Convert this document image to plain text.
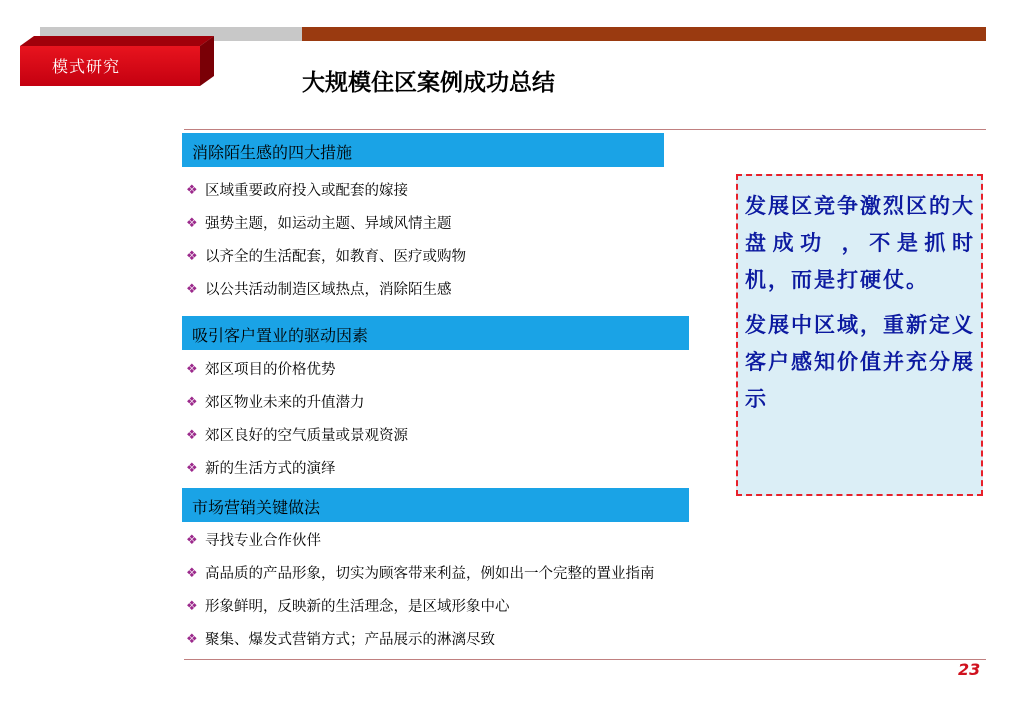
模式研究
大规模住区案例成功总结
消除陌生感的四大措施
❖ 区域重要政府投入或配套的嫁接
❖ 强势主题，如运动主题、异域风情主题
❖ 以齐全的生活配套，如教育、医疗或购物
❖ 以公共活动制造区域热点，消除陌生感
吸引客户置业的驱动因素
❖ 郊区项目的价格优势
❖ 郊区物业未来的升值潜力
❖ 郊区良好的空气质量或景观资源
❖ 新的生活方式的演绎
市场营销关键做法
❖ 寻找专业合作伙伴
❖ 高品质的产品形象，切实为顾客带来利益，例如出一个完整的置业指南
❖ 形象鲜明，反映新的生活理念，是区域形象中心
❖ 聚集、爆发式营销方式；产品展示的淋漓尽致

发展区竞争激烈区的大盘成功 ，不是抓时机，而是打硬仗。

发展中区域，重新定义客户感知价值并充分展示

23
